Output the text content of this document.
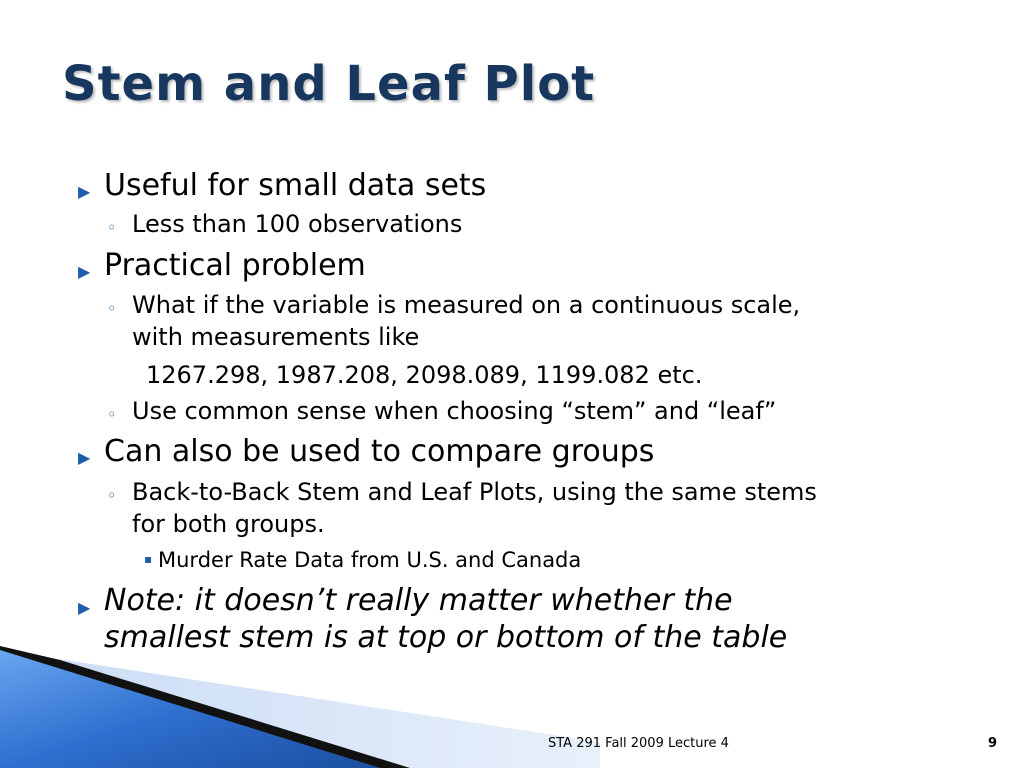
Stem and Leaf Plot
▶ Useful for small data sets
◦ Less than 100 observations
▶ Practical problem
◦ What if the variable is measured on a continuous scale,
with measurements like
1267.298, 1987.208, 2098.089, 1199.082 etc.
◦ Use common sense when choosing “stem” and “leaf”
▶ Can also be used to compare groups
◦ Back-to-Back Stem and Leaf Plots, using the same stems
for both groups.
▪ Murder Rate Data from U.S. and Canada
▶ Note: it doesn’t really matter whether the
smallest stem is at top or bottom of the table
STA 291 Fall 2009 Lecture 4	9
